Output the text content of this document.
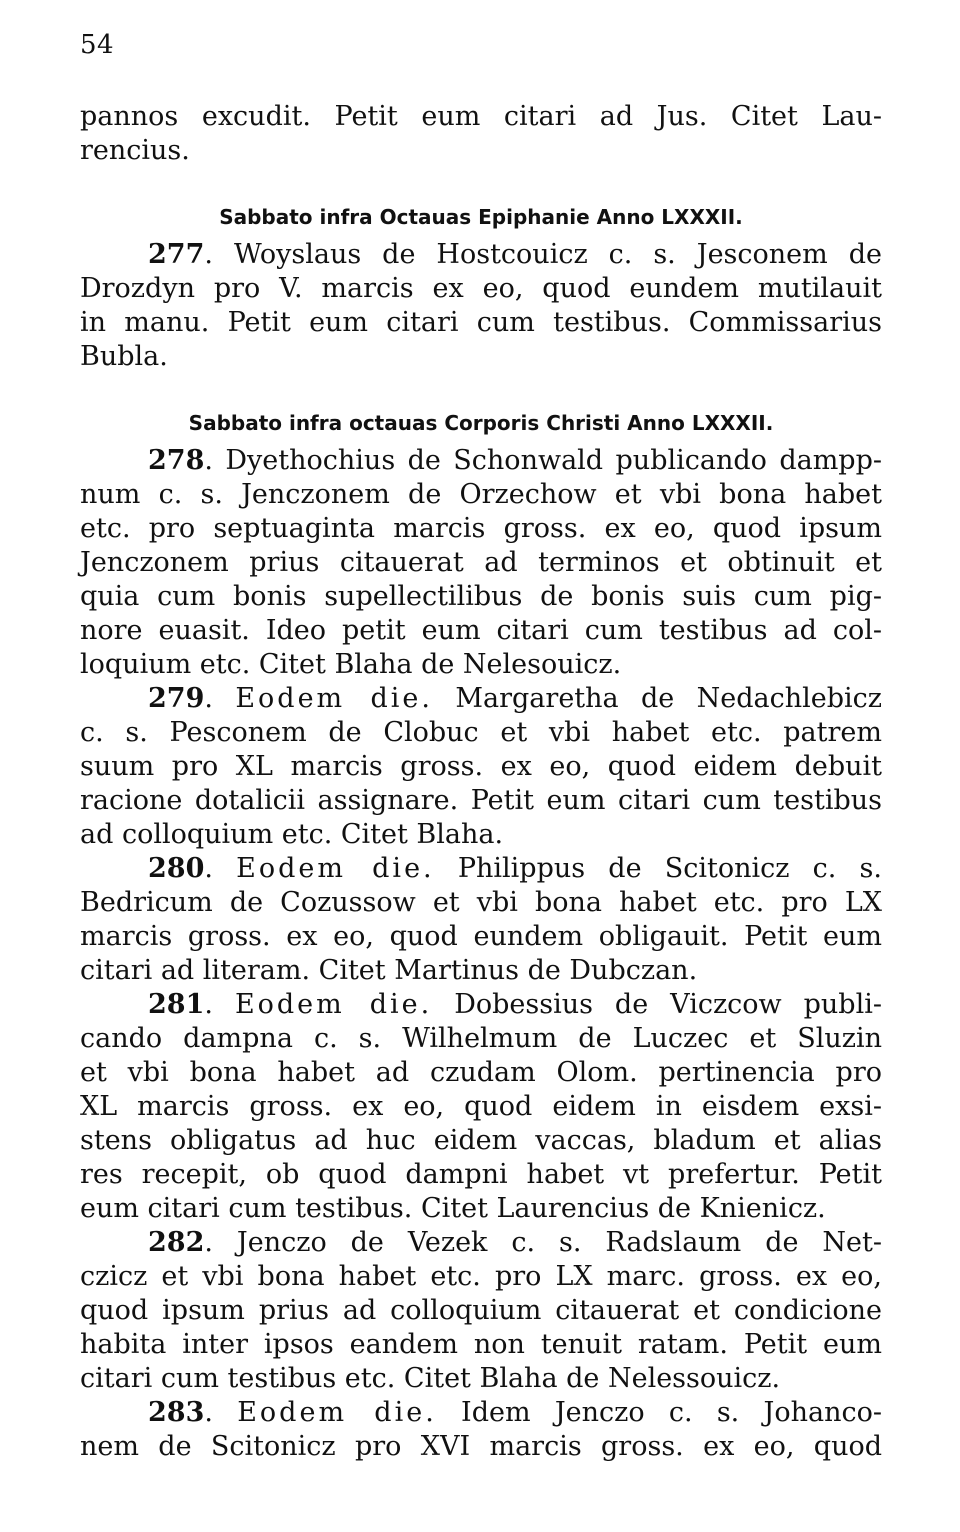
54
pannos excudit. Petit eum citari ad Jus. Citet Lau-
rencius.
Sabbato infra Octauas Epiphanie Anno LXXXII.
277. Woyslaus de Hostcouicz c. s. Jesconem de
Drozdyn pro V. marcis ex eo, quod eundem mutilauit
in manu. Petit eum citari cum testibus. Commissarius
Bubla.
Sabbato infra octauas Corporis Christi Anno LXXXII.
278. Dyethochius de Schonwald publicando dampp-
num c. s. Jenczonem de Orzechow et vbi bona habet
etc. pro septuaginta marcis gross. ex eo, quod ipsum
Jenczonem prius citauerat ad terminos et obtinuit et
quia cum bonis supellectilibus de bonis suis cum pig-
nore euasit. Ideo petit eum citari cum testibus ad col-
loquium etc. Citet Blaha de Nelesouicz.
279. Eodem die. Margaretha de Nedachlebicz
c. s. Pesconem de Clobuc et vbi habet etc. patrem
suum pro XL marcis gross. ex eo, quod eidem debuit
racione dotalicii assignare. Petit eum citari cum testibus
ad colloquium etc. Citet Blaha.
280. Eodem die. Philippus de Scitonicz c. s.
Bedricum de Cozussow et vbi bona habet etc. pro LX
marcis gross. ex eo, quod eundem obligauit. Petit eum
citari ad literam. Citet Martinus de Dubczan.
281. Eodem die. Dobessius de Viczcow publi-
cando dampna c. s. Wilhelmum de Luczec et Sluzin
et vbi bona habet ad czudam Olom. pertinencia pro
XL marcis gross. ex eo, quod eidem in eisdem exsi-
stens obligatus ad huc eidem vaccas, bladum et alias
res recepit, ob quod dampni habet vt prefertur. Petit
eum citari cum testibus. Citet Laurencius de Knienicz.
282. Jenczo de Vezek c. s. Radslaum de Net-
czicz et vbi bona habet etc. pro LX marc. gross. ex eo,
quod ipsum prius ad colloquium citauerat et condicione
habita inter ipsos eandem non tenuit ratam. Petit eum
citari cum testibus etc. Citet Blaha de Nelessouicz.
283. Eodem die. Idem Jenczo c. s. Johanco-
nem de Scitonicz pro XVI marcis gross. ex eo, quod
